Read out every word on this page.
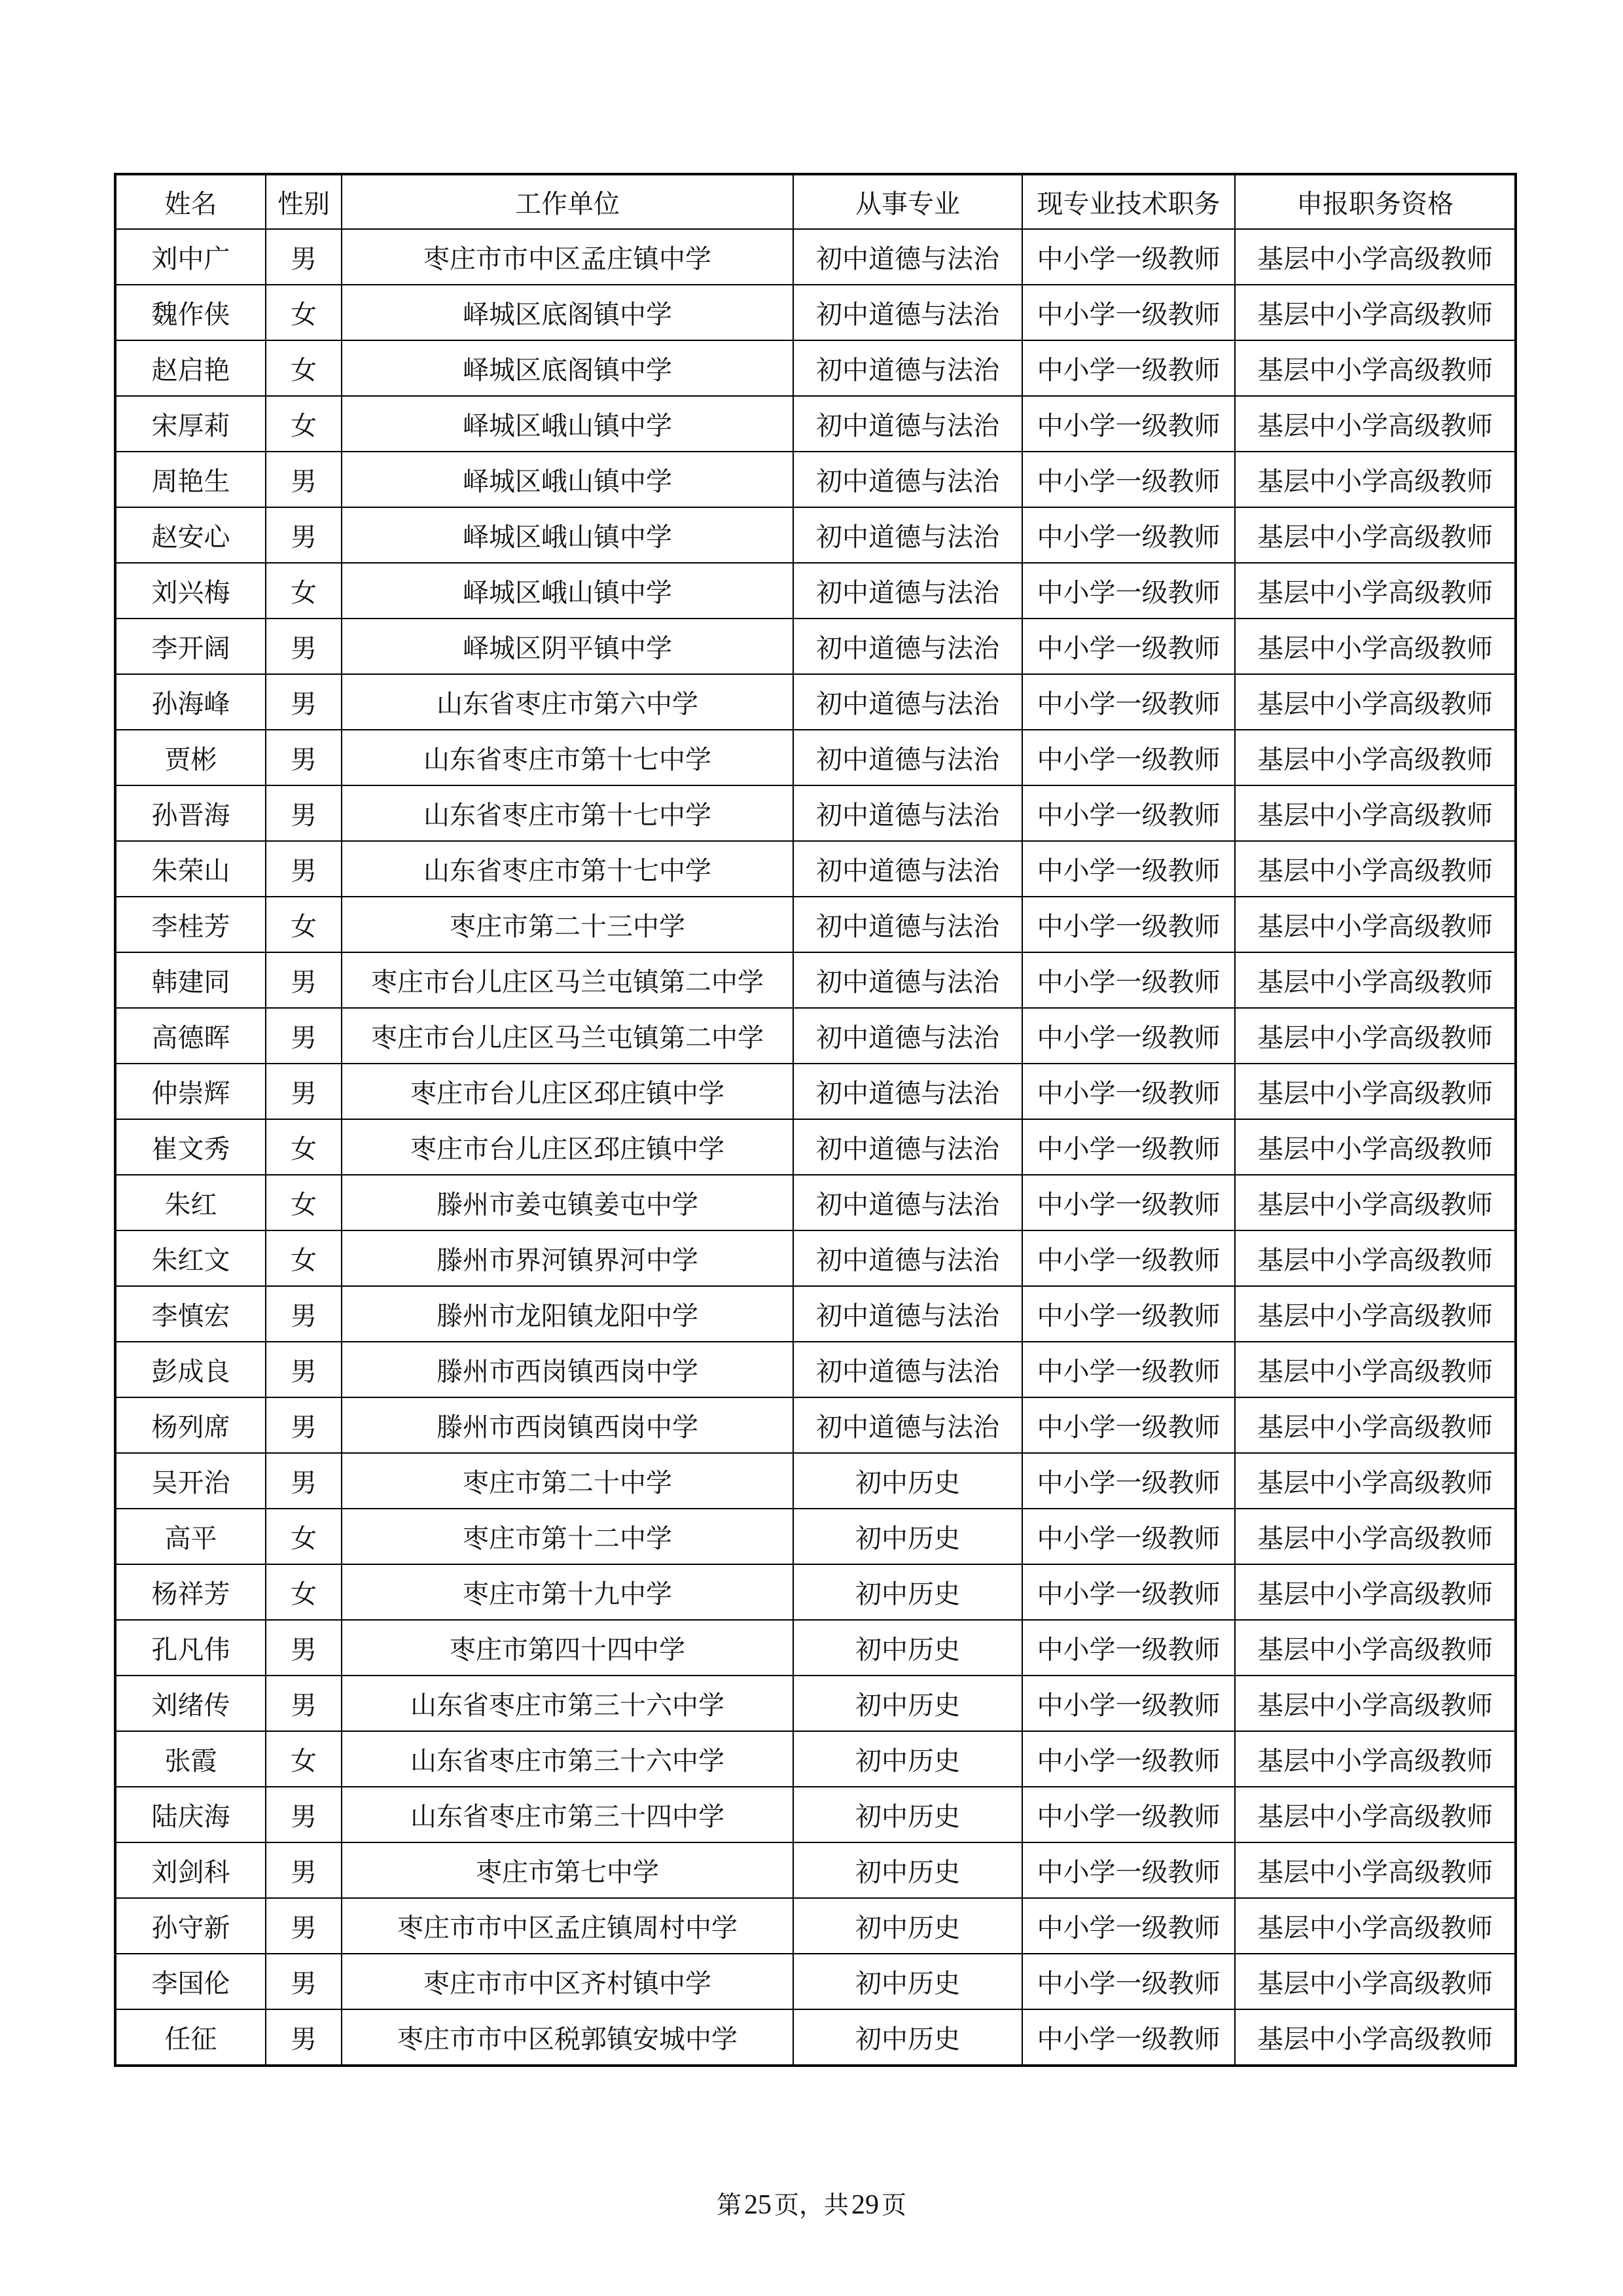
姓名	性别	工作单位	从事专业	现专业技术职务	申报职务资格
刘中广	男	枣庄市市中区孟庄镇中学	初中道德与法治	中小学一级教师	基层中小学高级教师
魏作侠	女	峄城区底阁镇中学	初中道德与法治	中小学一级教师	基层中小学高级教师
赵启艳	女	峄城区底阁镇中学	初中道德与法治	中小学一级教师	基层中小学高级教师
宋厚莉	女	峄城区峨山镇中学	初中道德与法治	中小学一级教师	基层中小学高级教师
周艳生	男	峄城区峨山镇中学	初中道德与法治	中小学一级教师	基层中小学高级教师
赵安心	男	峄城区峨山镇中学	初中道德与法治	中小学一级教师	基层中小学高级教师
刘兴梅	女	峄城区峨山镇中学	初中道德与法治	中小学一级教师	基层中小学高级教师
李开阔	男	峄城区阴平镇中学	初中道德与法治	中小学一级教师	基层中小学高级教师
孙海峰	男	山东省枣庄市第六中学	初中道德与法治	中小学一级教师	基层中小学高级教师
贾彬	男	山东省枣庄市第十七中学	初中道德与法治	中小学一级教师	基层中小学高级教师
孙晋海	男	山东省枣庄市第十七中学	初中道德与法治	中小学一级教师	基层中小学高级教师
朱荣山	男	山东省枣庄市第十七中学	初中道德与法治	中小学一级教师	基层中小学高级教师
李桂芳	女	枣庄市第二十三中学	初中道德与法治	中小学一级教师	基层中小学高级教师
韩建同	男	枣庄市台儿庄区马兰屯镇第二中学	初中道德与法治	中小学一级教师	基层中小学高级教师
高德晖	男	枣庄市台儿庄区马兰屯镇第二中学	初中道德与法治	中小学一级教师	基层中小学高级教师
仲崇辉	男	枣庄市台儿庄区邳庄镇中学	初中道德与法治	中小学一级教师	基层中小学高级教师
崔文秀	女	枣庄市台儿庄区邳庄镇中学	初中道德与法治	中小学一级教师	基层中小学高级教师
朱红	女	滕州市姜屯镇姜屯中学	初中道德与法治	中小学一级教师	基层中小学高级教师
朱红文	女	滕州市界河镇界河中学	初中道德与法治	中小学一级教师	基层中小学高级教师
李慎宏	男	滕州市龙阳镇龙阳中学	初中道德与法治	中小学一级教师	基层中小学高级教师
彭成良	男	滕州市西岗镇西岗中学	初中道德与法治	中小学一级教师	基层中小学高级教师
杨列席	男	滕州市西岗镇西岗中学	初中道德与法治	中小学一级教师	基层中小学高级教师
吴开治	男	枣庄市第二十中学	初中历史	中小学一级教师	基层中小学高级教师
高平	女	枣庄市第十二中学	初中历史	中小学一级教师	基层中小学高级教师
杨祥芳	女	枣庄市第十九中学	初中历史	中小学一级教师	基层中小学高级教师
孔凡伟	男	枣庄市第四十四中学	初中历史	中小学一级教师	基层中小学高级教师
刘绪传	男	山东省枣庄市第三十六中学	初中历史	中小学一级教师	基层中小学高级教师
张霞	女	山东省枣庄市第三十六中学	初中历史	中小学一级教师	基层中小学高级教师
陆庆海	男	山东省枣庄市第三十四中学	初中历史	中小学一级教师	基层中小学高级教师
刘剑科	男	枣庄市第七中学	初中历史	中小学一级教师	基层中小学高级教师
孙守新	男	枣庄市市中区孟庄镇周村中学	初中历史	中小学一级教师	基层中小学高级教师
李国伦	男	枣庄市市中区齐村镇中学	初中历史	中小学一级教师	基层中小学高级教师
任征	男	枣庄市市中区税郭镇安城中学	初中历史	中小学一级教师	基层中小学高级教师
第25 页，共29 页
